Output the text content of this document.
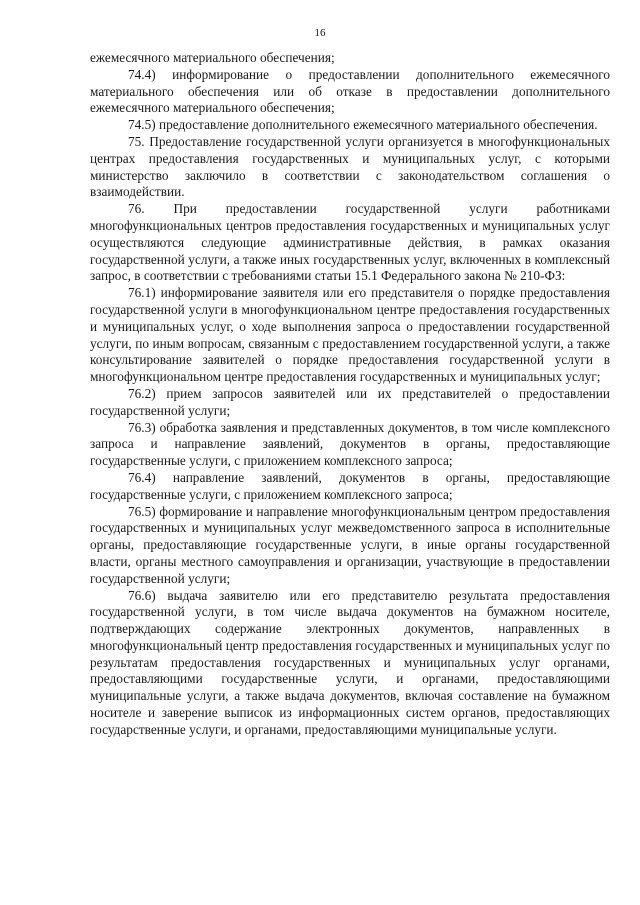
16

ежемесячного материального обеспечения;

74.4) информирование о предоставлении дополнительного ежемесячного материального обеспечения или об отказе в предоставлении дополнительного ежемесячного материального обеспечения;

74.5) предоставление дополнительного ежемесячного материального обеспечения.

75. Предоставление государственной услуги организуется в многофункциональных центрах предоставления государственных и муниципальных услуг, с которыми министерство заключило в соответствии с законодательством соглашения о взаимодействии.

76. При предоставлении государственной услуги работниками многофункциональных центров предоставления государственных и муниципальных услуг осуществляются следующие административные действия, в рамках оказания государственной услуги, а также иных государственных услуг, включенных в комплексный запрос, в соответствии с требованиями статьи 15.1 Федерального закона № 210-ФЗ:

76.1) информирование заявителя или его представителя о порядке предоставления государственной услуги в многофункциональном центре предоставления государственных и муниципальных услуг, о ходе выполнения запроса о предоставлении государственной услуги, по иным вопросам, связанным с предоставлением государственной услуги, а также консультирование заявителей о порядке предоставления государственной услуги в многофункциональном центре предоставления государственных и муниципальных услуг;

76.2) прием запросов заявителей или их представителей о предоставлении государственной услуги;

76.3) обработка заявления и представленных документов, в том числе комплексного запроса и направление заявлений, документов в органы, предоставляющие государственные услуги, с приложением комплексного запроса;

76.4) направление заявлений, документов в органы, предоставляющие государственные услуги, с приложением комплексного запроса;

76.5) формирование и направление многофункциональным центром предоставления государственных и муниципальных услуг межведомственного запроса в исполнительные органы, предоставляющие государственные услуги, в иные органы государственной власти, органы местного самоуправления и организации, участвующие в предоставлении государственной услуги;

76.6) выдача заявителю или его представителю результата предоставления государственной услуги, в том числе выдача документов на бумажном носителе, подтверждающих содержание электронных документов, направленных в многофункциональный центр предоставления государственных и муниципальных услуг по результатам предоставления государственных и муниципальных услуг органами, предоставляющими государственные услуги, и органами, предоставляющими муниципальные услуги, а также выдача документов, включая составление на бумажном носителе и заверение выписок из информационных систем органов, предоставляющих государственные услуги, и органами, предоставляющими муниципальные услуги.
